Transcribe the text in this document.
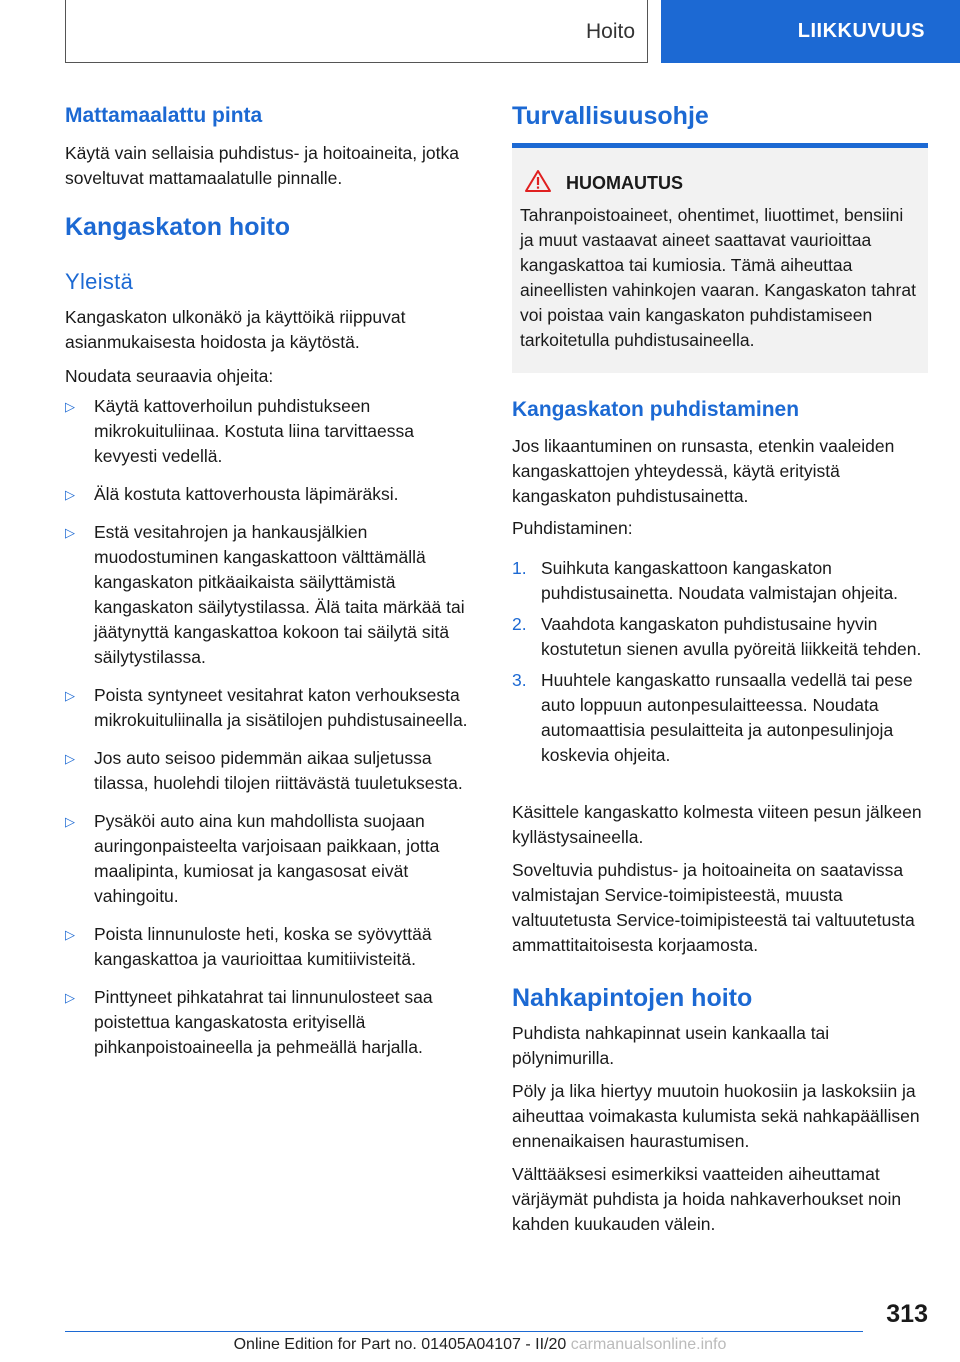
Hoito	LIIKKUVUUS
Mattamaalattu pinta

Käytä vain sellaisia puhdistus- ja hoitoaineita, jotka soveltuvat mattamaalatulle pinnalle.

Kangaskaton hoito
Yleistä

Kangaskaton ulkonäkö ja käyttöikä riippuvat asianmukaisesta hoidosta ja käytöstä.

Noudata seuraavia ohjeita:

▷ Käytä kattoverhoilun puhdistukseen mikrokuituliinaa. Kostuta liina tarvittaessa kevyesti vedellä.
▷ Älä kostuta kattoverhousta läpimäräksi.
▷ Estä vesitahrojen ja hankausjälkien muodostuminen kangaskattoon välttämällä kangaskaton pitkäaikaista säilyttämistä kangaskaton säilytystilassa. Älä taita märkää tai jäätynyttä kangaskattoa kokoon tai säilytä sitä säilytystilassa.
▷ Poista syntyneet vesitahrat katon verhouksesta mikrokuituliinalla ja sisätilojen puhdistusaineella.
▷ Jos auto seisoo pidemmän aikaa suljetussa tilassa, huolehdi tilojen riittävästä tuuletuksesta.
▷ Pysäköi auto aina kun mahdollista suojaan auringonpaisteelta varjoisaan paikkaan, jotta maalipinta, kumiosat ja kangasosat eivät vahingoitu.
▷ Poista linnunuloste heti, koska se syövyttää kangaskattoa ja vaurioittaa kumitiivisteitä.
▷ Pinttyneet pihkatahrat tai linnunulosteet saa poistettua kangaskatosta erityisellä pihkanpoistoaineella ja pehmeällä harjalla.
Turvallisuusohje
HUOMAUTUS

Tahranpoistoaineet, ohentimet, liuottimet, bensiini ja muut vastaavat aineet saattavat vaurioittaa kangaskattoa tai kumiosia. Tämä aiheuttaa aineellisten vahinkojen vaaran. Kangaskaton tahrat voi poistaa vain kangaskaton puhdistamiseen tarkoitetulla puhdistusaineella.

Kangaskaton puhdistaminen

Jos likaantuminen on runsasta, etenkin vaaleiden kangaskattojen yhteydessä, käytä erityistä kangaskaton puhdistusainetta.

Puhdistaminen:

1. Suihkuta kangaskattoon kangaskaton puhdistusainetta. Noudata valmistajan ohjeita.
2. Vaahdota kangaskaton puhdistusaine hyvin kostutetun sienen avulla pyöreitä liikkeitä tehden.
3. Huuhtele kangaskatto runsaalla vedellä tai pese auto loppuun autonpesulaitteessa. Noudata automaattisia pesulaitteita ja autonpesulinjoja koskevia ohjeita.

Käsittele kangaskatto kolmesta viiteen pesun jälkeen kyllästysaineella.

Soveltuvia puhdistus- ja hoitoaineita on saatavissa valmistajan Service-toimipisteestä, muusta valtuutetusta Service-toimipisteestä tai valtuutetusta ammattitaitoisesta korjaamosta.

Nahkapintojen hoito

Puhdista nahkapinnat usein kankaalla tai pölynimurilla.

Pöly ja lika hiertyy muutoin huokosiin ja laskoksiin ja aiheuttaa voimakasta kulumista sekä nahkapäällisen ennenaikaisen haurastumisen.

Välttääksesi esimerkiksi vaatteiden aiheuttamat värjäymät puhdista ja hoida nahkaverhoukset noin kahden kuukauden välein.

313
Online Edition for Part no. 01405A04107 - II/20 carmanualsonline.info
